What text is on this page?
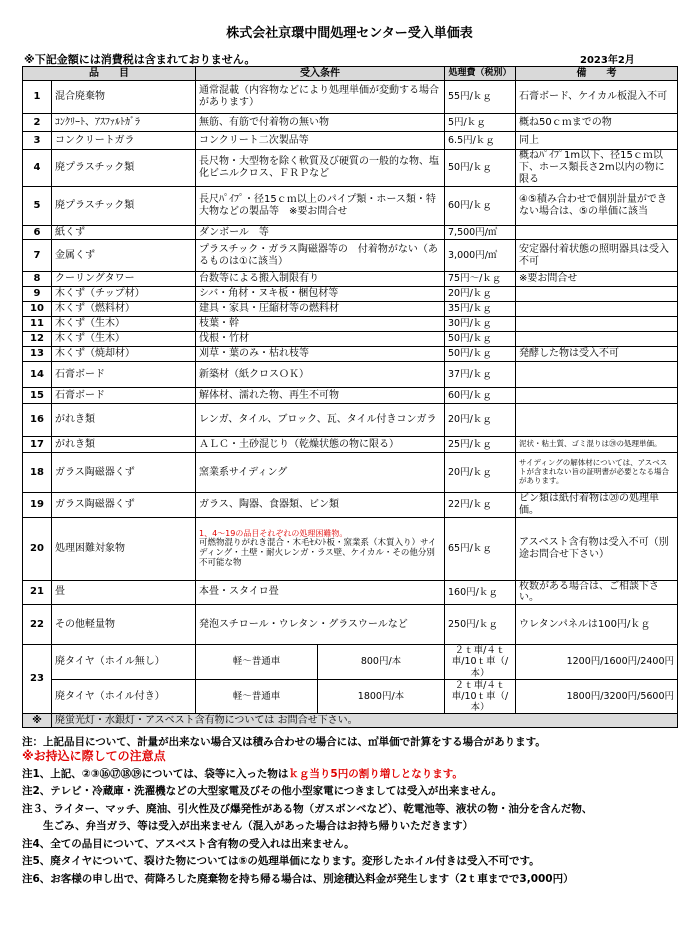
株式会社京環中間処理センター受入単価表
※下記金額には消費税は含まれておりません。	2023年2月
品　　目		受入条件		処理費（税別）	備　　考
1	混合廃棄物	通常混載（内容物などにより処理単価が変動する場合があります）		55円/ｋｇ	石膏ボード、ケイカル板混入不可
2	ｺﾝｸﾘｰﾄ、ｱｽﾌｧﾙﾄｶﾞﾗ	無筋、有筋で付着物の無い物		5円/ｋｇ	概ね50ｃｍまでの物
3	コンクリートガラ	コンクリート二次製品等		6.5円/ｋｇ	同上
4	廃プラスチック類	長尺物・大型物を除く軟質及び硬質の一般的な物、塩化ビニルクロス、ＦＲＰなど		50円/ｋｇ	概ねﾊﾟｲﾌﾟ1m以下、径15ｃｍ以下、ホース類長さ2m以内の物に限る
5	廃プラスチック類	長尺ﾊﾟｲﾌﾟ・径15ｃｍ以上のパイプ類・ホース類・特大物などの製品等　※要お問合せ		60円/ｋｇ	④⑤積み合わせで個別計量ができない場合は、⑤の単価に該当
6	紙くず	ダンボール　等		7,500円/㎥	
7	金属くず	プラスチック・ガラス陶磁器等の　付着物がない（あるものは①に該当）		3,000円/㎥	安定器付着状態の照明器具は受入不可
8	クーリングタワー	台数等による搬入制限有り		75円～/ｋｇ	※要お問合せ
9	木くず（チップ材）	シバ・角材・ヌキ板・梱包材等		20円/ｋｇ	
10	木くず（燃料材）	建具・家具・圧縮材等の燃料材		35円/ｋｇ	
11	木くず（生木）	枝葉・幹		30円/ｋｇ	
12	木くず（生木）	伐根・竹材		50円/ｋｇ	
13	木くず（焼却材）	刈草・葉のみ・枯れ枝等		50円/ｋｇ	発酵した物は受入不可
14	石膏ボード	新築材（紙クロスＯＫ）		37円/ｋｇ	
15	石膏ボード	解体材、濡れた物、再生不可物		60円/ｋｇ	
16	がれき類	レンガ、タイル、ブロック、瓦、タイル付きコンガラ		20円/ｋｇ	
17	がれき類	ＡＬＣ・土砂混じり（乾燥状態の物に限る）		25円/ｋｇ	泥状・粘土質、ゴミ混りは⑳の処理単価。
18	ガラス陶磁器くず	窯業系サイディング		20円/ｋｇ	サイディングの解体材については、アスベストが含まれない旨の証明書が必要となる場合があります。
19	ガラス陶磁器くず	ガラス、陶器、食器類、ビン類		22円/ｋｇ	ビン類は紙付着物は⑳の処理単価。
20	処理困難対象物	1、4～19の品目それぞれの処理困難物。
可燃物混りがれき混合・木毛ｾﾒﾝﾄ板・窯業系（木質入り）サイディング・土壁・耐火レンガ・ラス壁、ケイカル・その他分別不可能な物		65円/ｋｇ	アスベスト含有物は受入不可（別途お問合せ下さい）
21	畳	本畳・スタイロ畳		160円/ｋｇ	枚数がある場合は、ご相談下さい。
22	その他軽量物	発泡スチロール・ウレタン・グラスウールなど		250円/ｋｇ	ウレタンパネルは100円/ｋｇ
23	廃タイヤ（ホイル無し）	軽～普通車	800円/本	２ｔ車/４ｔ車/10ｔ車（/本）	1200円/1600円/2400円
	廃タイヤ（ホイル付き）	軽～普通車	1800円/本	２ｔ車/４ｔ車/10ｔ車（/本）	1800円/3200円/5600円
※	廃蛍光灯・水銀灯・アスベスト含有物については お問合せ下さい。				
注：上記品目について、計量が出来ない場合又は積み合わせの場合には、㎥単価で計算をする場合があります。
※お持込に際しての注意点
注1、上記、②③⑯⑰⑱⑲については、袋等に入った物はｋｇ当り5円の割り増しとなります。
注2、テレビ・冷蔵庫・洗濯機などの大型家電及びその他小型家電につきましては受入が出来ません。
注３、ライター、マッチ、廃油、引火性及び爆発性がある物（ガスボンベなど）、乾電池等、液状の物・油分を含んだ物、
　　生ごみ、弁当ガラ、等は受入が出来ません（混入があった場合はお持ち帰りいただきます）
注4、全ての品目について、アスベスト含有物の受入れは出来ません。
注5、廃タイヤについて、裂けた物については⑤の処理単価になります。変形したホイル付きは受入不可です。
注6、お客様の申し出で、荷降ろした廃棄物を持ち帰る場合は、別途積込料金が発生します（2ｔ車までで3,000円）
